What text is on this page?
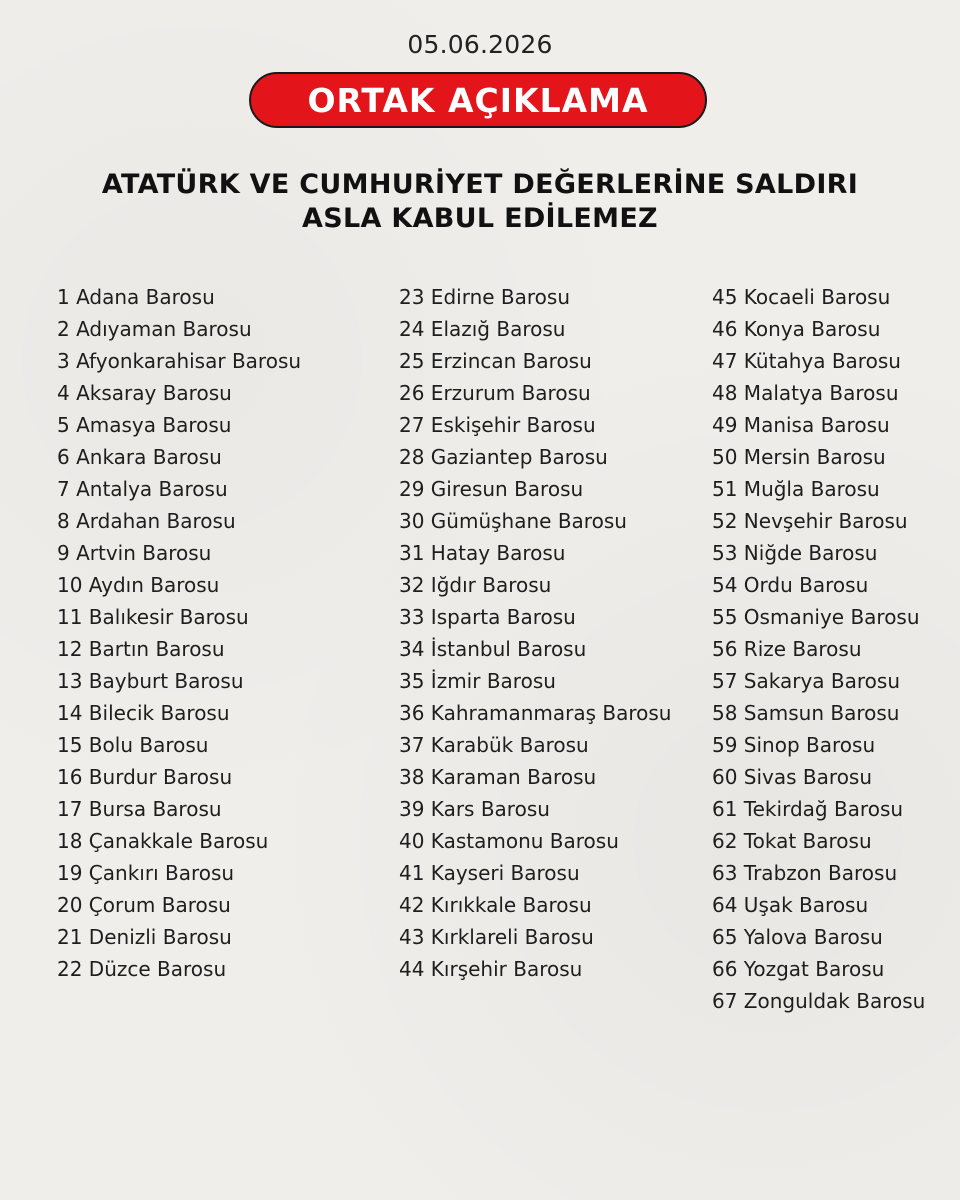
05.06.2026
ORTAK AÇIKLAMA
ATATÜRK VE CUMHURİYET DEĞERLERİNE SALDIRI
ASLA KABUL EDİLEMEZ
1 Adana Barosu
2 Adıyaman Barosu
3 Afyonkarahisar Barosu
4 Aksaray Barosu
5 Amasya Barosu
6 Ankara Barosu
7 Antalya Barosu
8 Ardahan Barosu
9 Artvin Barosu
10 Aydın Barosu
11 Balıkesir Barosu
12 Bartın Barosu
13 Bayburt Barosu
14 Bilecik Barosu
15 Bolu Barosu
16 Burdur Barosu
17 Bursa Barosu
18 Çanakkale Barosu
19 Çankırı Barosu
20 Çorum Barosu
21 Denizli Barosu
22 Düzce Barosu
23 Edirne Barosu
24 Elazığ Barosu
25 Erzincan Barosu
26 Erzurum Barosu
27 Eskişehir Barosu
28 Gaziantep Barosu
29 Giresun Barosu
30 Gümüşhane Barosu
31 Hatay Barosu
32 Iğdır Barosu
33 Isparta Barosu
34 İstanbul Barosu
35 İzmir Barosu
36 Kahramanmaraş Barosu
37 Karabük Barosu
38 Karaman Barosu
39 Kars Barosu
40 Kastamonu Barosu
41 Kayseri Barosu
42 Kırıkkale Barosu
43 Kırklareli Barosu
44 Kırşehir Barosu
45 Kocaeli Barosu
46 Konya Barosu
47 Kütahya Barosu
48 Malatya Barosu
49 Manisa Barosu
50 Mersin Barosu
51 Muğla Barosu
52 Nevşehir Barosu
53 Niğde Barosu
54 Ordu Barosu
55 Osmaniye Barosu
56 Rize Barosu
57 Sakarya Barosu
58 Samsun Barosu
59 Sinop Barosu
60 Sivas Barosu
61 Tekirdağ Barosu
62 Tokat Barosu
63 Trabzon Barosu
64 Uşak Barosu
65 Yalova Barosu
66 Yozgat Barosu
67 Zonguldak Barosu
